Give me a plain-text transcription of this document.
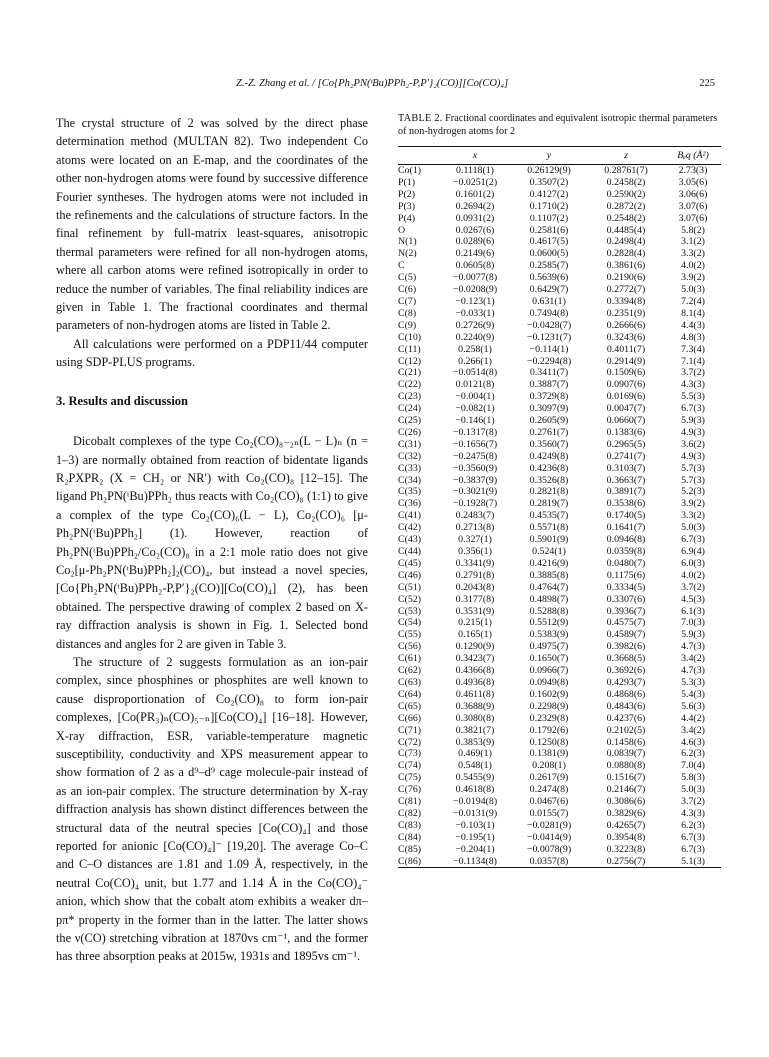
Z.-Z. Zhang et al. / [Co{Ph₂PN(ᵗBu)PPh₂-P,P′}₂(CO)][Co(CO)₄]	225

The crystal structure of 2 was solved by the direct phase determination method (MULTAN 82). Two independent Co atoms were located on an E-map, and the coordinates of the other non-hydrogen atoms were found by successive difference Fourier syntheses. The hydrogen atoms were not included in the refinements and the calculations of structure factors. In the final refinement by full-matrix least-squares, anisotropic thermal parameters were refined for all non-hydrogen atoms, where all carbon atoms were refined isotropically in order to reduce the number of variables. The final reliability indices are given in Table 1. The fractional coordinates and thermal parameters of non-hydrogen atoms are listed in Table 2.

All calculations were performed on a PDP11/44 computer using SDP-PLUS programs.

3. Results and discussion

Dicobalt complexes of the type Co₂(CO)₈₋₂ₙ(L − L)ₙ (n = 1–3) are normally obtained from reaction of bidentate ligands R₂PXPR₂ (X = CH₂ or NR′) with Co₂(CO)₈ [12–15]. The ligand Ph₂PN(ᵗBu)PPh₂ thus reacts with Co₂(CO)₈ (1:1) to give a complex of the type Co₂(CO)₆(L − L), Co₂(CO)₆ [μ-Ph₂PN(ᵗBu)PPh₂] (1). However, reaction of Ph₂PN(ᵗBu)PPh₂/Co₂(CO)₈ in a 2:1 mole ratio does not give Co₂[μ-Ph₂PN(ᵗBu)PPh₂]₂(CO)₄, but instead a novel species, [Co{Ph₂PN(ᵗBu)PPh₂-P,P′}₂(CO)][Co(CO)₄] (2), has been obtained. The perspective drawing of complex 2 based on X-ray diffraction analysis is shown in Fig. 1. Selected bond distances and angles for 2 are given in Table 3.

The structure of 2 suggests formulation as an ion-pair complex, since phosphines or phosphites are well known to cause disproportionation of Co₂(CO)₈ to form ion-pair complexes, [Co(PR₃)ₙ(CO)₅₋ₙ][Co(CO)₄] [16–18]. However, X-ray diffraction, ESR, variable-temperature magnetic susceptibility, conductivity and XPS measurement appear to show formation of 2 as a d⁹–d⁹ cage molecule-pair instead of as an ion-pair complex. The structure determination by X-ray diffraction analysis has shown distinct differences between the structural data of the neutral species [Co(CO)₄] and those reported for anionic [Co(CO)₄]⁻ [19,20]. The average Co–C and C–O distances are 1.81 and 1.09 Å, respectively, in the neutral Co(CO)₄ unit, but 1.77 and 1.14 Å in the Co(CO)₄⁻ anion, which show that the cobalt atom exhibits a weaker dπ–pπ* property in the former than in the latter. The latter shows the ν(CO) stretching vibration at 1870vs cm⁻¹, and the former has three absorption peaks at 2015w, 1931s and 1895vs cm⁻¹.

TABLE 2. Fractional coordinates and equivalent isotropic thermal parameters of non-hydrogen atoms for 2
	x	y	z	Bₑq (Å²)
Co(1)	0.1118(1)	0.26129(9)	0.28761(7)	2.73(3)
P(1)	−0.0251(2)	0.3507(2)	0.2458(2)	3.05(6)
P(2)	0.1601(2)	0.4127(2)	0.2590(2)	3.06(6)
P(3)	0.2694(2)	0.1710(2)	0.2872(2)	3.07(6)
P(4)	0.0931(2)	0.1107(2)	0.2548(2)	3.07(6)
O	0.0267(6)	0.2581(6)	0.4485(4)	5.8(2)
N(1)	0.0289(6)	0.4617(5)	0.2498(4)	3.1(2)
N(2)	0.2149(6)	0.0600(5)	0.2828(4)	3.3(2)
C	0.0605(8)	0.2585(7)	0.3861(6)	4.0(2)
C(5)	−0.0077(8)	0.5639(6)	0.2190(6)	3.9(2)
C(6)	−0.0208(9)	0.6429(7)	0.2772(7)	5.0(3)
C(7)	−0.123(1)	0.631(1)	0.3394(8)	7.2(4)
C(8)	−0.033(1)	0.7494(8)	0.2351(9)	8.1(4)
C(9)	0.2726(9)	−0.0428(7)	0.2666(6)	4.4(3)
C(10)	0.2240(9)	−0.1231(7)	0.3243(6)	4.8(3)
C(11)	0.258(1)	−0.114(1)	0.4011(7)	7.3(4)
C(12)	0.266(1)	−0.2294(8)	0.2914(9)	7.1(4)
C(21)	−0.0514(8)	0.3411(7)	0.1509(6)	3.7(2)
C(22)	0.0121(8)	0.3887(7)	0.0907(6)	4.3(3)
C(23)	−0.004(1)	0.3729(8)	0.0169(6)	5.5(3)
C(24)	−0.082(1)	0.3097(9)	0.0047(7)	6.7(3)
C(25)	−0.146(1)	0.2605(9)	0.0660(7)	5.9(3)
C(26)	−0.1317(8)	0.2761(7)	0.1383(6)	4.9(3)
C(31)	−0.1656(7)	0.3560(7)	0.2965(5)	3.6(2)
C(32)	−0.2475(8)	0.4249(8)	0.2741(7)	4.9(3)
C(33)	−0.3560(9)	0.4236(8)	0.3103(7)	5.7(3)
C(34)	−0.3837(9)	0.3526(8)	0.3663(7)	5.7(3)
C(35)	−0.3021(9)	0.2821(8)	0.3891(7)	5.2(3)
C(36)	−0.1928(7)	0.2819(7)	0.3538(6)	3.9(2)
C(41)	0.2483(7)	0.4535(7)	0.1740(5)	3.3(2)
C(42)	0.2713(8)	0.5571(8)	0.1641(7)	5.0(3)
C(43)	0.327(1)	0.5901(9)	0.0946(8)	6.7(3)
C(44)	0.356(1)	0.524(1)	0.0359(8)	6.9(4)
C(45)	0.3341(9)	0.4216(9)	0.0480(7)	6.0(3)
C(46)	0.2791(8)	0.3885(8)	0.1175(6)	4.0(2)
C(51)	0.2043(8)	0.4764(7)	0.3334(5)	3.7(2)
C(52)	0.3177(8)	0.4898(7)	0.3307(6)	4.5(3)
C(53)	0.3531(9)	0.5288(8)	0.3936(7)	6.1(3)
C(54)	0.215(1)	0.5512(9)	0.4575(7)	7.0(3)
C(55)	0.165(1)	0.5383(9)	0.4589(7)	5.9(3)
C(56)	0.1290(9)	0.4975(7)	0.3982(6)	4.7(3)
C(61)	0.3423(7)	0.1650(7)	0.3668(5)	3.4(2)
C(62)	0.4366(8)	0.0966(7)	0.3692(6)	4.7(3)
C(63)	0.4936(8)	0.0949(8)	0.4293(7)	5.3(3)
C(64)	0.4611(8)	0.1602(9)	0.4868(6)	5.4(3)
C(65)	0.3688(9)	0.2298(9)	0.4843(6)	5.6(3)
C(66)	0.3080(8)	0.2329(8)	0.4237(6)	4.4(2)
C(71)	0.3821(7)	0.1792(6)	0.2102(5)	3.4(2)
C(72)	0.3853(9)	0.1250(8)	0.1458(6)	4.6(3)
C(73)	0.469(1)	0.1381(9)	0.0839(7)	6.2(3)
C(74)	0.548(1)	0.208(1)	0.0880(8)	7.0(4)
C(75)	0.5455(9)	0.2617(9)	0.1516(7)	5.8(3)
C(76)	0.4618(8)	0.2474(8)	0.2146(7)	5.0(3)
C(81)	−0.0194(8)	0.0467(6)	0.3086(6)	3.7(2)
C(82)	−0.0131(9)	0.0155(7)	0.3829(6)	4.3(3)
C(83)	−0.103(1)	−0.0281(9)	0.4265(7)	6.2(3)
C(84)	−0.195(1)	−0.0414(9)	0.3954(8)	6.7(3)
C(85)	−0.204(1)	−0.0078(9)	0.3223(8)	6.7(3)
C(86)	−0.1134(8)	0.0357(8)	0.2756(7)	5.1(3)
